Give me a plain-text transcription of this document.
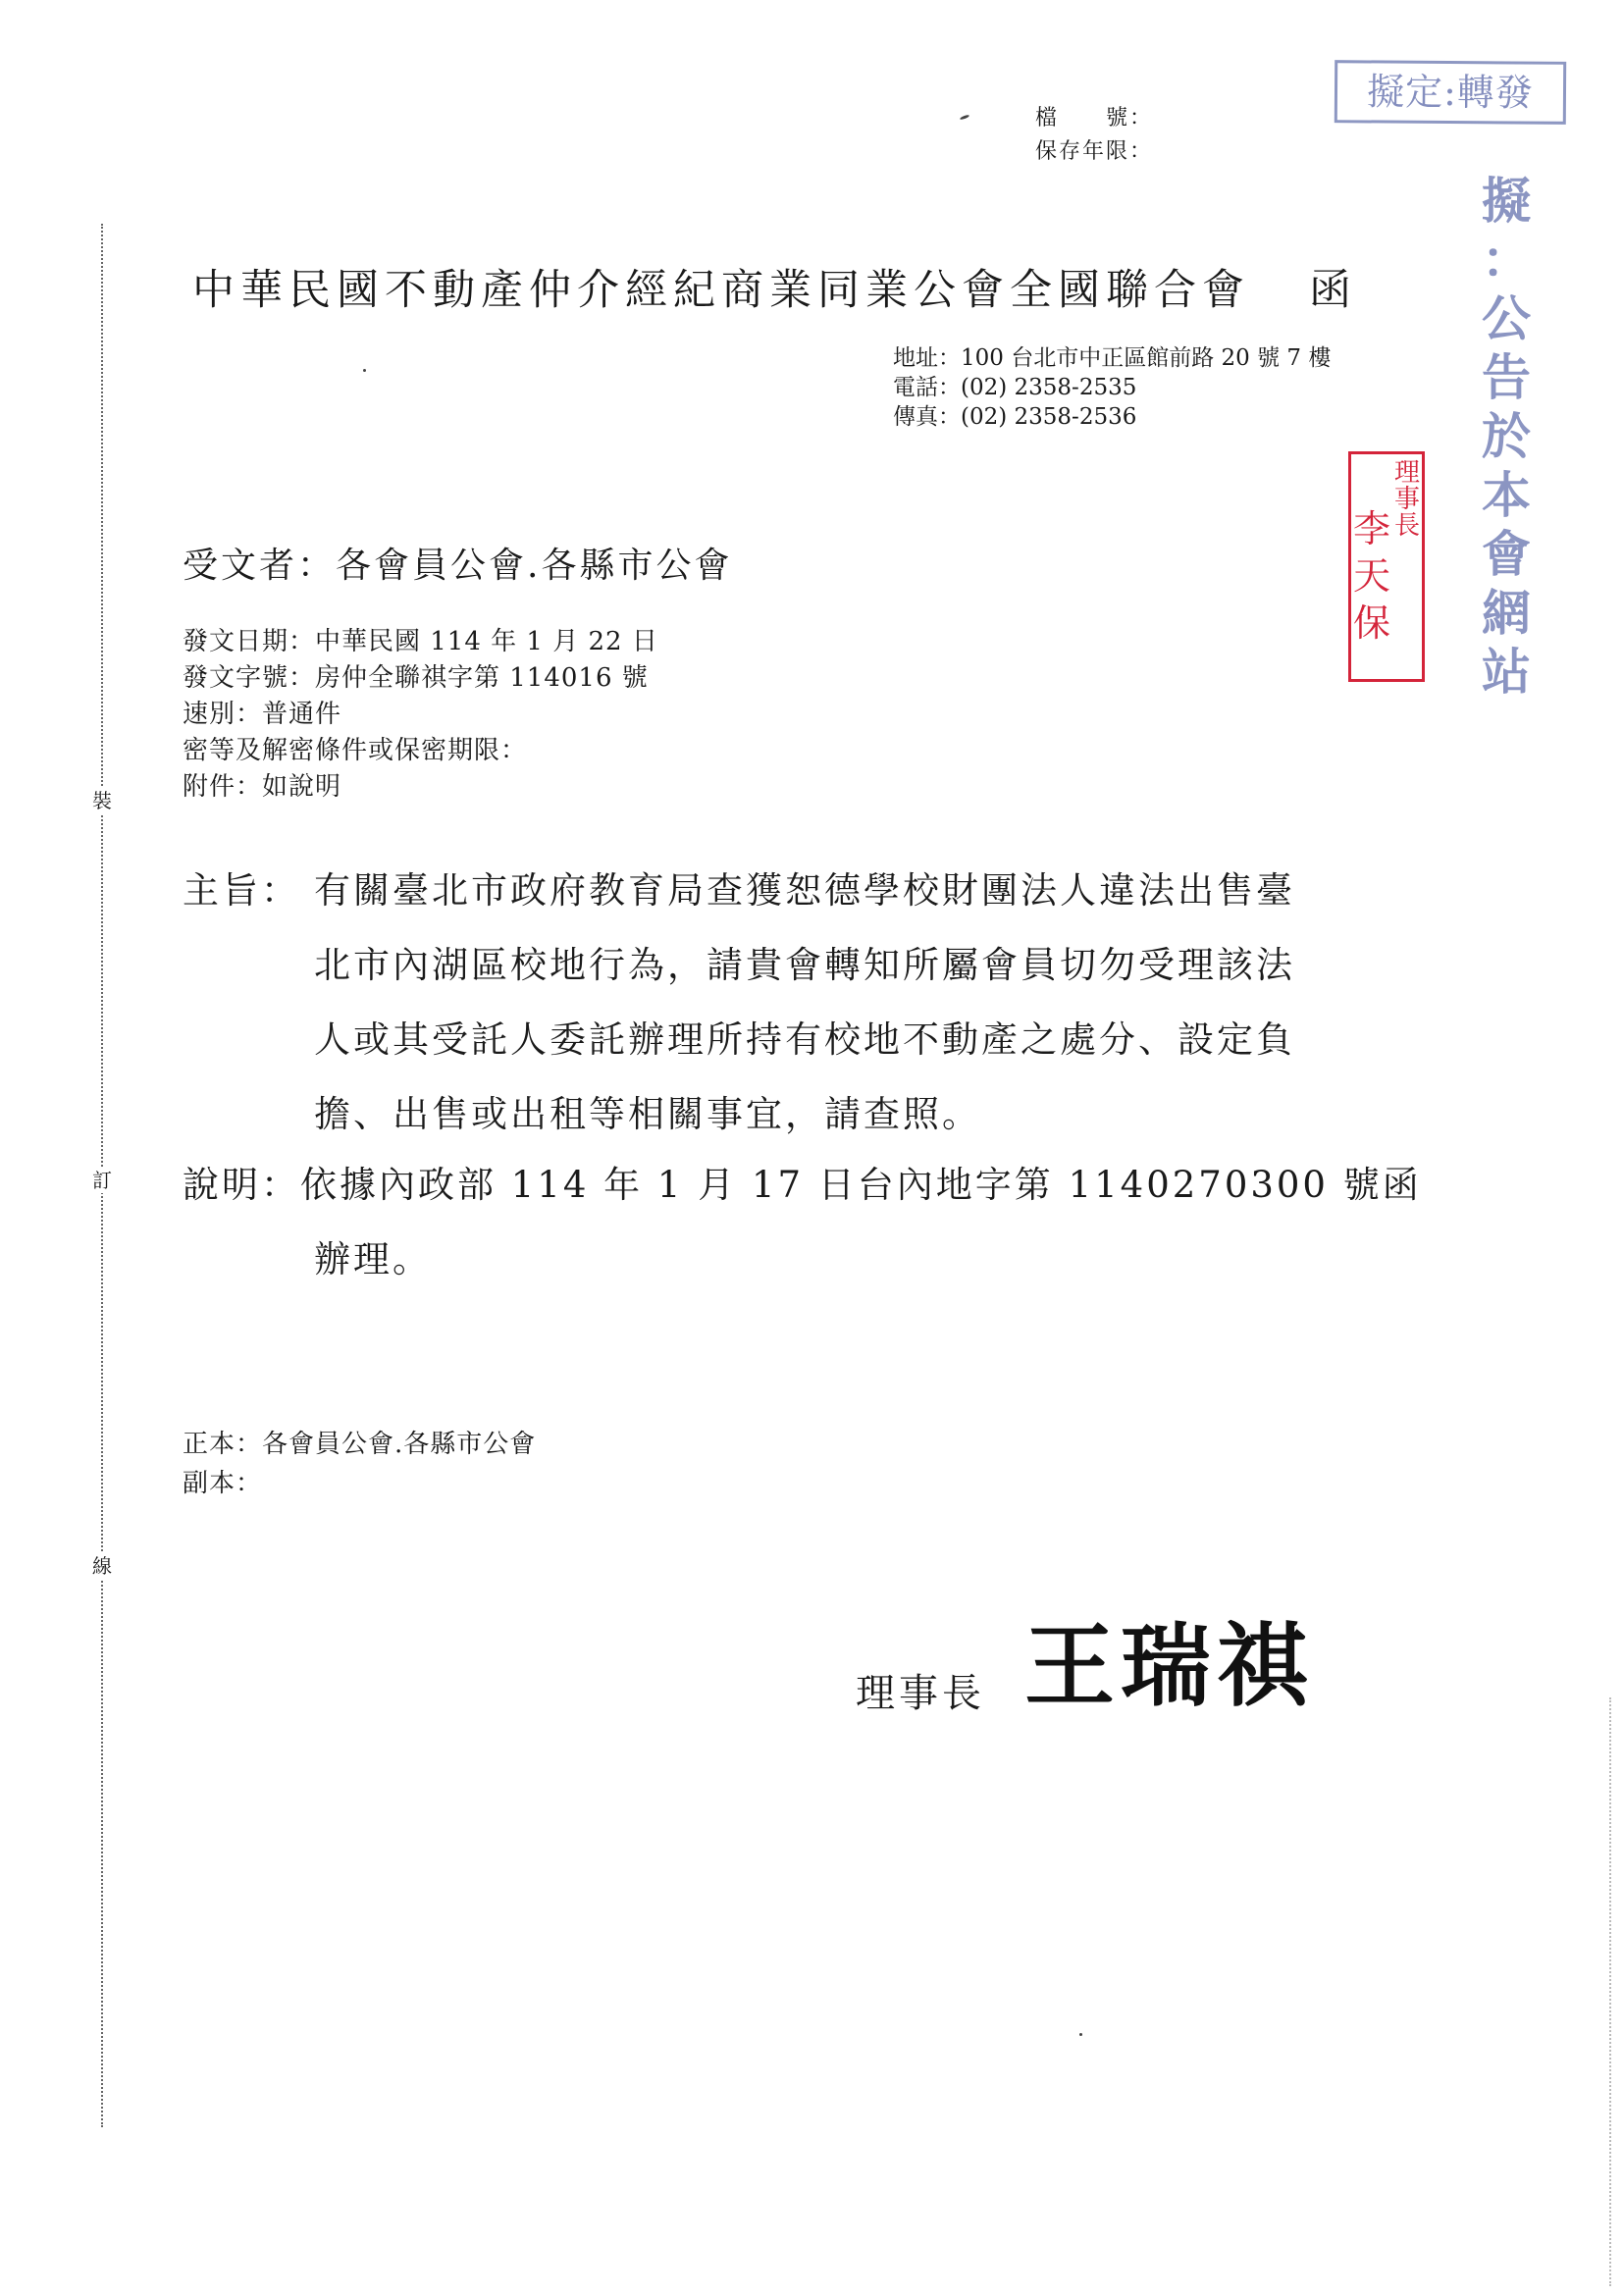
擬定:轉發
擬
：
公
告
於
本
會
網
站
檔　　號：
保存年限：
裝
訂
線
中華民國不動產仲介經紀商業同業公會全國聯合會 函
地址：100 台北市中正區館前路 20 號 7 樓
電話：(02) 2358-2535
傳真：(02) 2358-2536
理
事
長
李
天
保
受文者：各會員公會.各縣市公會
發文日期：中華民國 114 年 1 月 22 日
發文字號：房仲全聯祺字第 114016 號
速別：普通件
密等及解密條件或保密期限：
附件：如說明
主旨： 有關臺北市政府教育局查獲恕德學校財團法人違法出售臺
北市內湖區校地行為，請貴會轉知所屬會員切勿受理該法
人或其受託人委託辦理所持有校地不動產之處分、設定負
擔、出售或出租等相關事宜，請查照。
說明：依據內政部 114 年 1 月 17 日台內地字第 1140270300 號函
辦理。
正本：各會員公會.各縣市公會
副本：
理事長 王瑞祺
